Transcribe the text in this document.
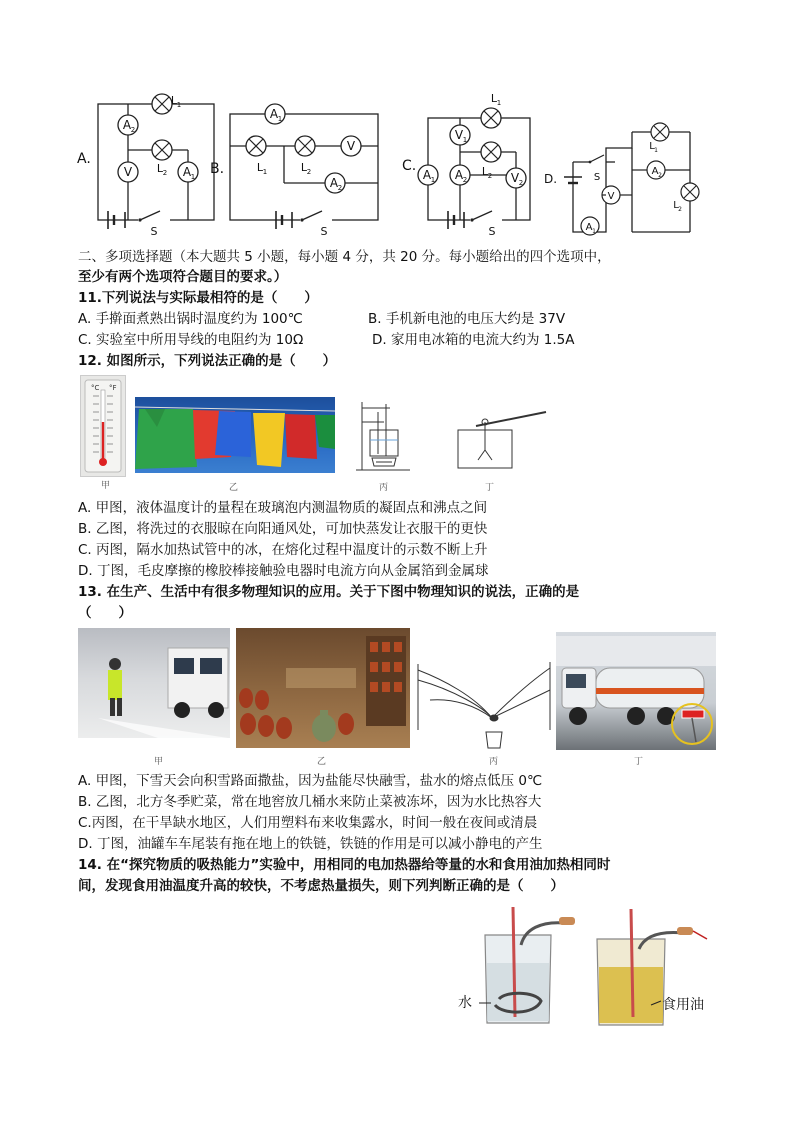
A 2
V	A 1
L 1
L 2
S
A 1
V
A 2
L 1	L 2
S
V 1
A 1 A 2	V 2
L 1
L 2
S
A 2
V
A 1
L 1
L 2
S
A.
B.	C.
D.
二、多项选择题（本大题共 5 小题，每小题 4 分，共 20 分。每小题给出的四个选项中，
至少有两个选项符合题目的要求。）
11.下列说法与实际最相符的是（　　）
A. 手擀面煮熟出锅时温度约为 100℃	B. 手机新电池的电压大约是 37V
C. 实验室中所用导线的电阻约为 10Ω	D. 家用电冰箱的电流大约为 1.5A
12. 如图所示，下列说法正确的是（　　）
°C °F
甲	乙	丙	丁
A. 甲图，液体温度计的量程在玻璃泡内测温物质的凝固点和沸点之间
B. 乙图，将洗过的衣服晾在向阳通风处，可加快蒸发让衣服干的更快
C. 丙图，隔水加热试管中的冰，在熔化过程中温度计的示数不断上升
D. 丁图，毛皮摩擦的橡胶棒接触验电器时电流方向从金属箔到金属球
13. 在生产、生活中有很多物理知识的应用。关于下图中物理知识的说法，正确的是
（　　）
甲	乙	丙	丁
A. 甲图，下雪天会向积雪路面撒盐，因为盐能尽快融雪，盐水的熔点低压 0℃
B. 乙图，北方冬季贮菜，常在地窖放几桶水来防止菜被冻坏，因为水比热容大
C.丙图，在干旱缺水地区，人们用塑料布来收集露水，时间一般在夜间或清晨
D. 丁图，油罐车车尾装有拖在地上的铁链，铁链的作用是可以减小静电的产生
14. 在“探究物质的吸热能力”实验中，用相同的电加热器给等量的水和食用油加热相同时
间，发现食用油温度升高的较快，不考虑热量损失，则下列判断正确的是（　　）
水	食用油
